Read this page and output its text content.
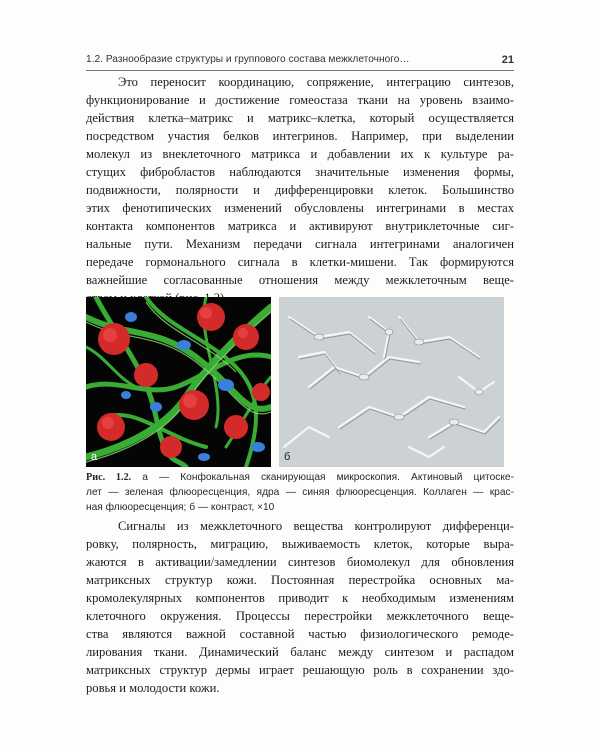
1.2. Разнообразие структуры и группового состава межклеточного…	21

Это переносит координацию, сопряжение, интеграцию синтезов,
функционирование и достижение гомеостаза ткани на уровень взаимо-
действия клетка–матрикс и матрикс–клетка, который осуществляется
посредством участия белков интегринов. Например, при выделении
молекул из внеклеточного матрикса и добавлении их к культуре ра-
стущих фибробластов наблюдаются значительные изменения формы,
подвижности, полярности и дифференцировки клеток. Большинство
этих фенотипических изменений обусловлены интегринами в местах
контакта компонентов матрикса и активируют внутриклеточные сиг-
нальные пути. Механизм передачи сигнала интегринами аналогичен
передаче гормонального сигнала в клетки-мишени. Так формируются
важнейшие согласованные отношения между межклеточным веще-

а	б

Рис. 1.2. а — Конфокальная сканирующая микроскопия. Актиновый цитоске-
лет — зеленая флюоресценция, ядра — синяя флюоресценция. Коллаген — крас-
ная флюоресценция; б — контраст, ×10

Сигналы из межклеточного вещества контролируют дифференци-
ровку, полярность, миграцию, выживаемость клеток, которые выра-
жаются в активации/замедлении синтезов биомолекул для обновления
матриксных структур кожи. Постоянная перестройка основных ма-
кромолекулярных компонентов приводит к необходимым изменениям
клеточного окружения. Процессы перестройки межклеточного веще-
ства являются важной составной частью физиологического ремоде-
лирования ткани. Динамический баланс между синтезом и распадом
матриксных структур дермы играет решающую роль в сохранении здо-
ровья и молодости кожи.
